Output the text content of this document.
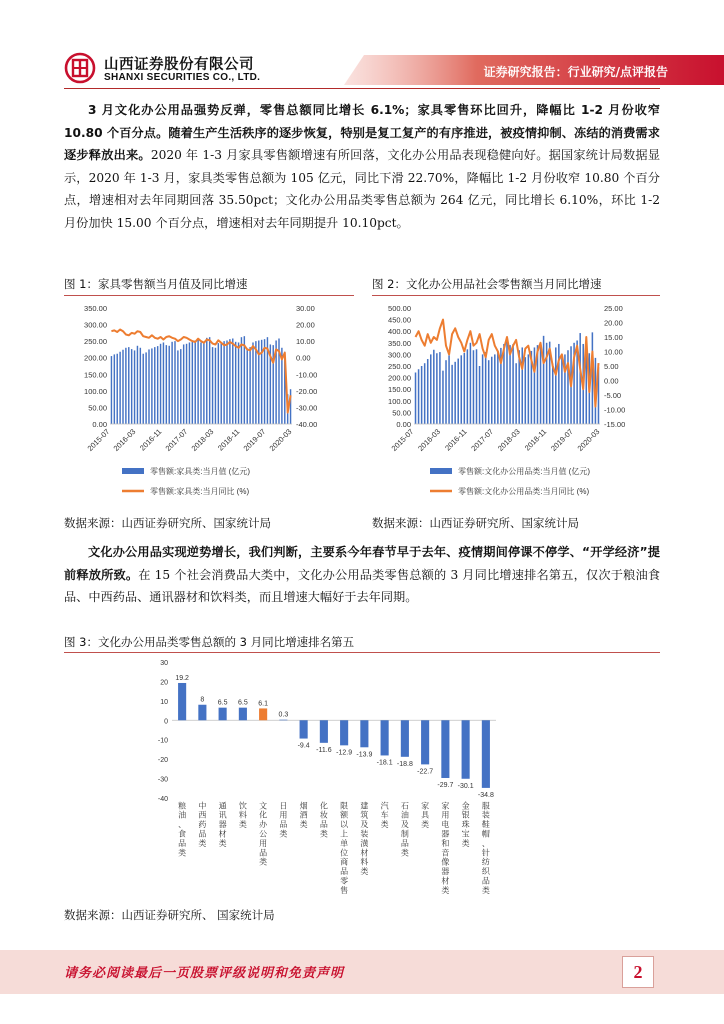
山西证券股份有限公司
SHANXI SECURITIES CO., LTD.	证券研究报告：行业研究/点评报告
3 月文化办公用品强势反弹，零售总额同比增长 6.1%；家具零售环比回升，降幅比 1-2 月份收窄 10.80 个百分点。随着生产生活秩序的逐步恢复，特别是复工复产的有序推进，被疫情抑制、冻结的消费需求逐步释放出来。2020 年 1-3 月家具零售额增速有所回落，文化办公用品表现稳健向好。据国家统计局数据显示，2020 年 1-3 月，家具类零售总额为 105 亿元，同比下滑 22.70%，降幅比 1-2 月份收窄 10.80 个百分点，增速相对去年同期回落 35.50pct；文化办公用品类零售总额为 264 亿元，同比增长 6.10%，环比 1-2 月份加快 15.00 个百分点，增速相对去年同期提升 10.10pct。
图 1：家具零售额当月值及同比增速
0.00
50.00
100.00
150.00
200.00
250.00
300.00
350.00
-40.00
-30.00
-20.00
-10.00
0.00
10.00
20.00
30.00
2015-07 2016-03 2016-11 2017-07 2018-03 2018-11 2019-07 2020-03
零售额:家具类:当月值 (亿元)
零售额:家具类:当月同比 (%)
图 2：文化办公用品社会零售额当月同比增速
0.00
50.00
100.00
150.00
200.00
250.00
300.00
350.00
400.00
450.00
500.00
-15.00
-10.00
-5.00
0.00
5.00
10.00
15.00
20.00
25.00
2015-07 2016-03 2016-11 2017-07 2018-03 2018-11 2019-07 2020-03
零售额:文化办公用品类:当月值 (亿元)
零售额:文化办公用品类:当月同比 (%)
数据来源：山西证券研究所、国家统计局	数据来源：山西证券研究所、国家统计局
文化办公用品实现逆势增长，我们判断，主要系今年春节早于去年、疫情期间停课不停学、“开学经济”提前释放所致。在 15 个社会消费品大类中，文化办公用品类零售总额的 3 月同比增速排名第五，仅次于粮油食品、中西药品、通讯器材和饮料类，而且增速大幅好于去年同期。
图 3：文化办公用品类零售总额的 3 月同比增速排名第五
30
20
10
0
-10
-20
-30
-40
19.2
8 6.5 6.5 6.1
0.3
-9.4
-11.6 -12.9 -13.9
-18.1 -18.8
-22.7
-29.7 -30.1
-34.8
粮油、食品类
中西药品类
通讯器材类
饮料类
文化办公用品类
日用品类
烟酒类
化妆品类
限额以上单位商品零售
建筑及装潢材料类
汽车类
石油及制品类
家具类
家用电器和音像器材类
金银珠宝类
服装鞋帽、针纺织品类
数据来源：山西证券研究所、 国家统计局
请务必阅读最后一页股票评级说明和免责声明	2
